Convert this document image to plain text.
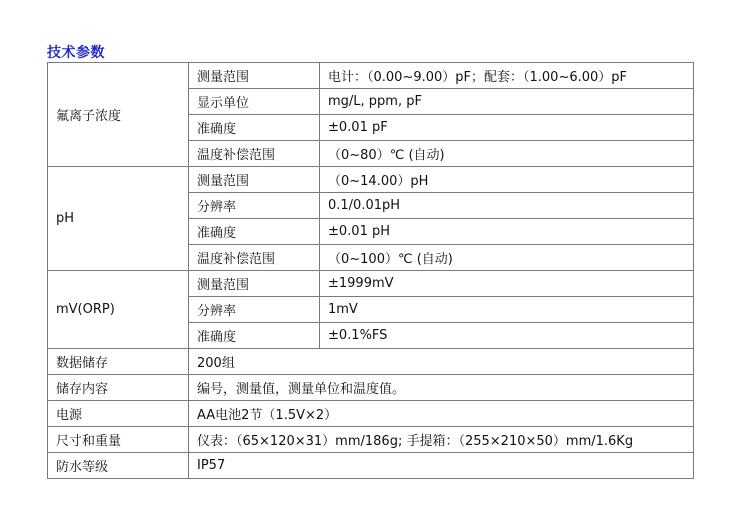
技术参数
氟离子浓度	测量范围	电计：（0.00~9.00）pF；配套：（1.00~6.00）pF
	显示单位	mg/L, ppm, pF
	准确度	±0.01 pF
	温度补偿范围	（0~80）℃ (自动)
pH	测量范围	（0~14.00）pH
	分辨率	0.1/0.01pH
	准确度	±0.01 pH
	温度补偿范围	（0~100）℃ (自动)
mV(ORP)	测量范围	±1999mV
	分辨率	1mV
	准确度	±0.1%FS
数据储存	200组	
储存内容	编号，测量值，测量单位和温度值。	
电源	AA电池2节（1.5V×2）	
尺寸和重量	仪表：（65×120×31）mm/186g; 手提箱：（255×210×50）mm/1.6Kg	
防水等级	IP57	
